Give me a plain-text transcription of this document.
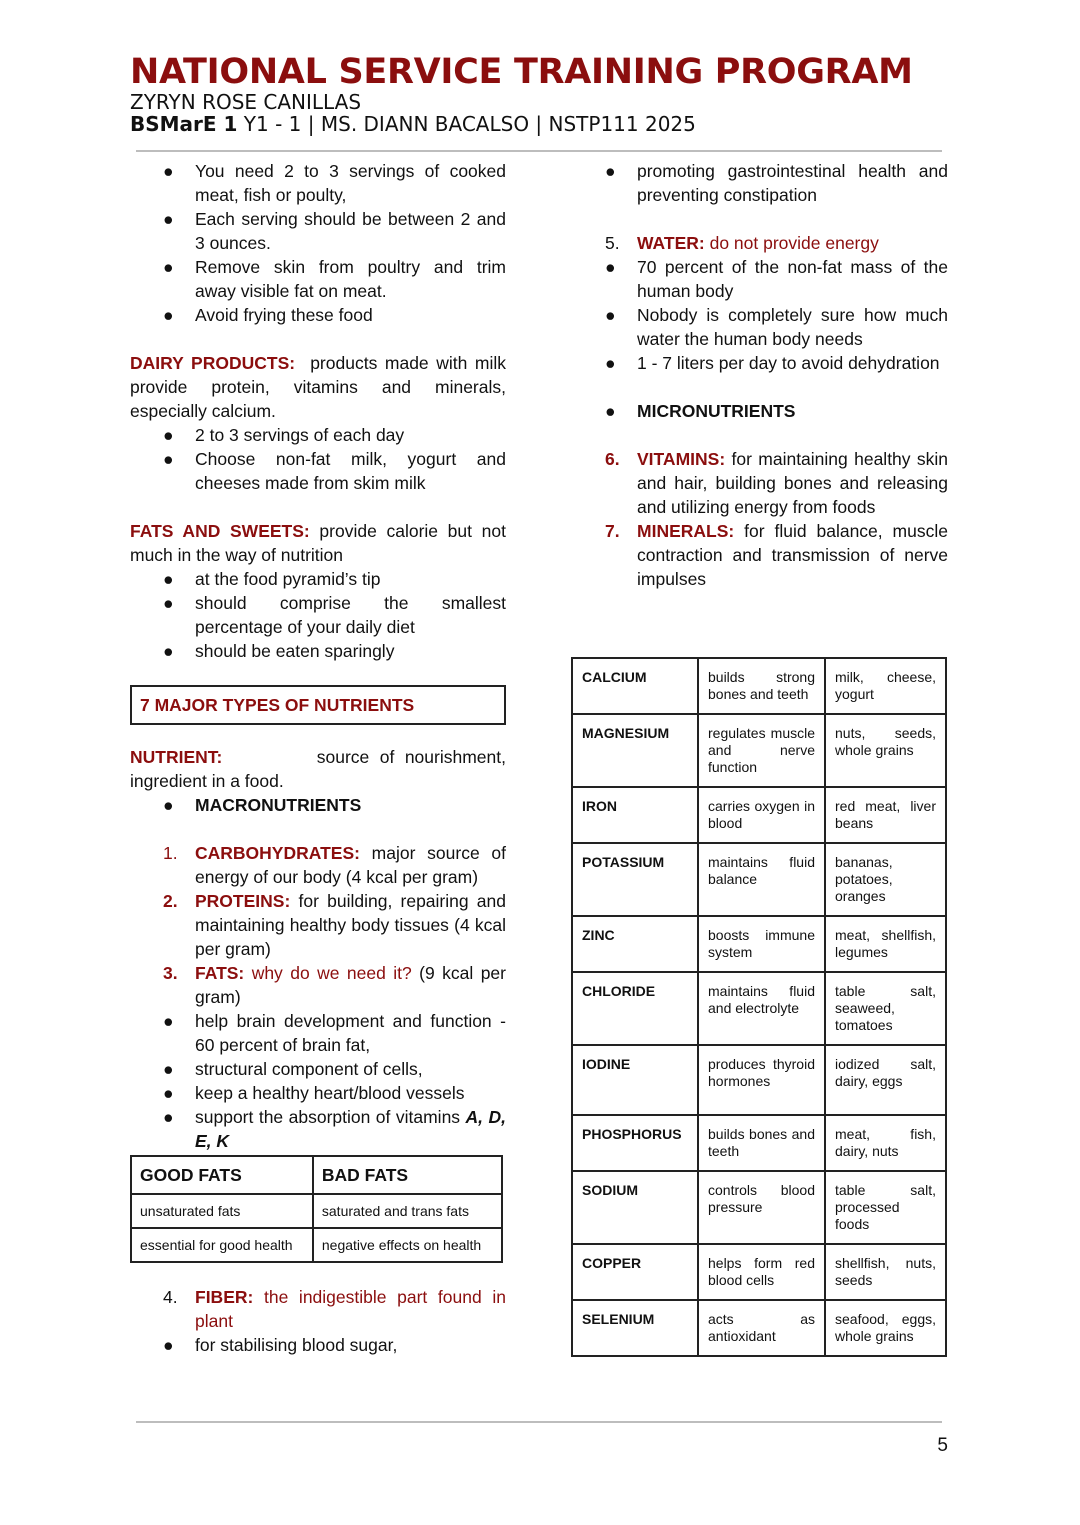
NATIONAL SERVICE TRAINING PROGRAM
ZYRYN ROSE CANILLAS
BSMarE 1 Y1 - 1 | MS. DIANN BACALSO | NSTP111 2025
● You need 2 to 3 servings of cooked meat, fish or poulty,
● Each serving should be between 2 and 3 ounces.
● Remove skin from poultry and trim away visible fat on meat.
● Avoid frying these food

DAIRY PRODUCTS:  products made with milk provide protein, vitamins and minerals, especially calcium.

● 2 to 3 servings of each day
● Choose non-fat milk, yogurt and cheeses made from skim milk

FATS AND SWEETS: provide calorie but not much in the way of nutrition

● at the food pyramid’s tip
● should comprise the smallest percentage of your daily diet
● should be eaten sparingly
7 MAJOR TYPES OF NUTRIENTS

NUTRIENT:         source of nourishment, ingredient in a food.

● MACRONUTRIENTS
1. CARBOHYDRATES: major source of energy of our body (4 kcal per gram)
2. PROTEINS: for building, repairing and maintaining healthy body tissues (4 kcal per gram)
3. FATS: why do we need it? (9 kcal per gram)
● help brain development and function - 60 percent of brain fat,
● structural component of cells,
● keep a healthy heart/blood vessels
● support the absorption of vitamins A, D, E, K
GOOD FATS	BAD FATS
unsaturated fats	saturated and trans fats
essential for good health	negative effects on health
4. FIBER: the indigestible part found in plant
● for stabilising blood sugar,
● promoting gastrointestinal health and preventing constipation
5. WATER: do not provide energy
● 70 percent of the non-fat mass of the human body
● Nobody is completely sure how much water the human body needs
● 1 - 7 liters per day to avoid dehydration
● MICRONUTRIENTS
6. VITAMINS: for maintaining healthy skin and hair, building bones and releasing and utilizing energy from foods
7. MINERALS: for fluid balance, muscle contraction and transmission of nerve impulses
CALCIUM	builds strong bones and teeth	milk, cheese, yogurt
MAGNESIUM	regulates muscle and nerve function	nuts, seeds, whole grains
IRON	carries oxygen in blood	red meat, liver beans
POTASSIUM	maintains fluid balance	bananas, potatoes, oranges
ZINC	boosts immune system	meat, shellfish, legumes
CHLORIDE	maintains fluid and electrolyte	table salt, seaweed, tomatoes
IODINE	produces thyroid hormones	iodized salt, dairy, eggs
PHOSPHORUS	builds bones and teeth	meat, fish, dairy, nuts
SODIUM	controls blood pressure	table salt, processed foods
COPPER	helps form red blood cells	shellfish, nuts, seeds
SELENIUM	acts as antioxidant	seafood, eggs, whole grains
5
